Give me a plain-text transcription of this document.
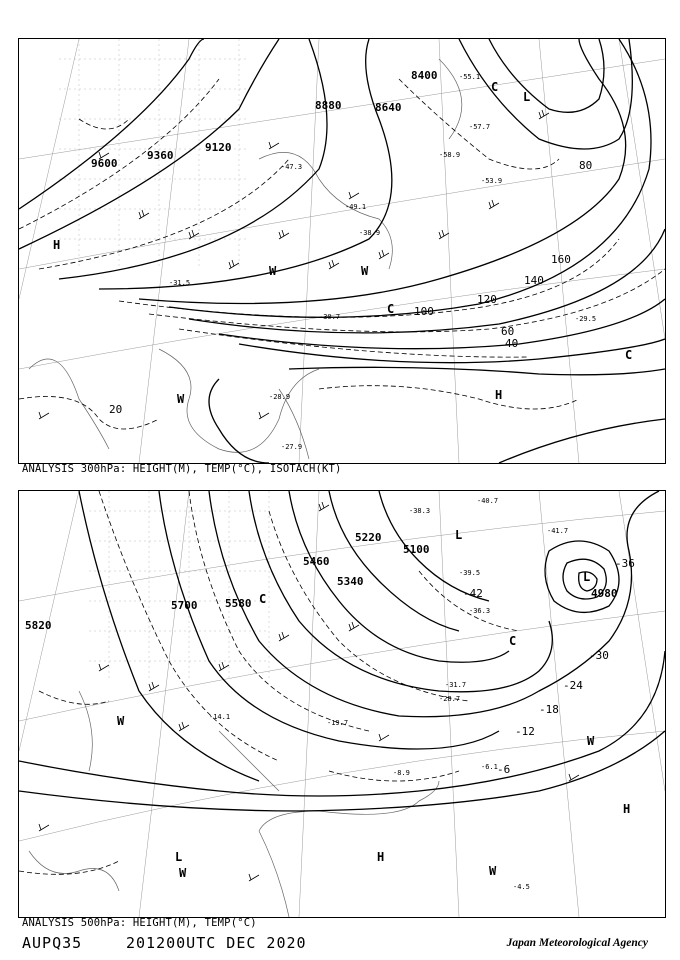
9600
9360
9120
8880	8640
8400
20
40
60
80
100
120
140
160
H
H
L
C
C
C
W	W
W
-58.9
-57.7
-55.1
-53.9
-49.1
-47.3
-38.9
-31.5
-30.7	-29.5
-28.9
-27.9
ANALYSIS 300hPa: HEIGHT(M), TEMP(°C), ISOTACH(KT)
5820
5700	5580
5460
5340
5220
5100
4980
-42
-36
-30
-24
-18
-12
-6
L
L
L
H
H
W
W	W
W
C
C
-41.7
-40.7
-39.5
-38.3
-36.3
-31.7
-28.7
-19.7
-14.1
-8.9
-6.1
-4.5
ANALYSIS 500hPa: HEIGHT(M), TEMP(°C)
AUPQ35	201200UTC DEC 2020	Japan Meteorological Agency
